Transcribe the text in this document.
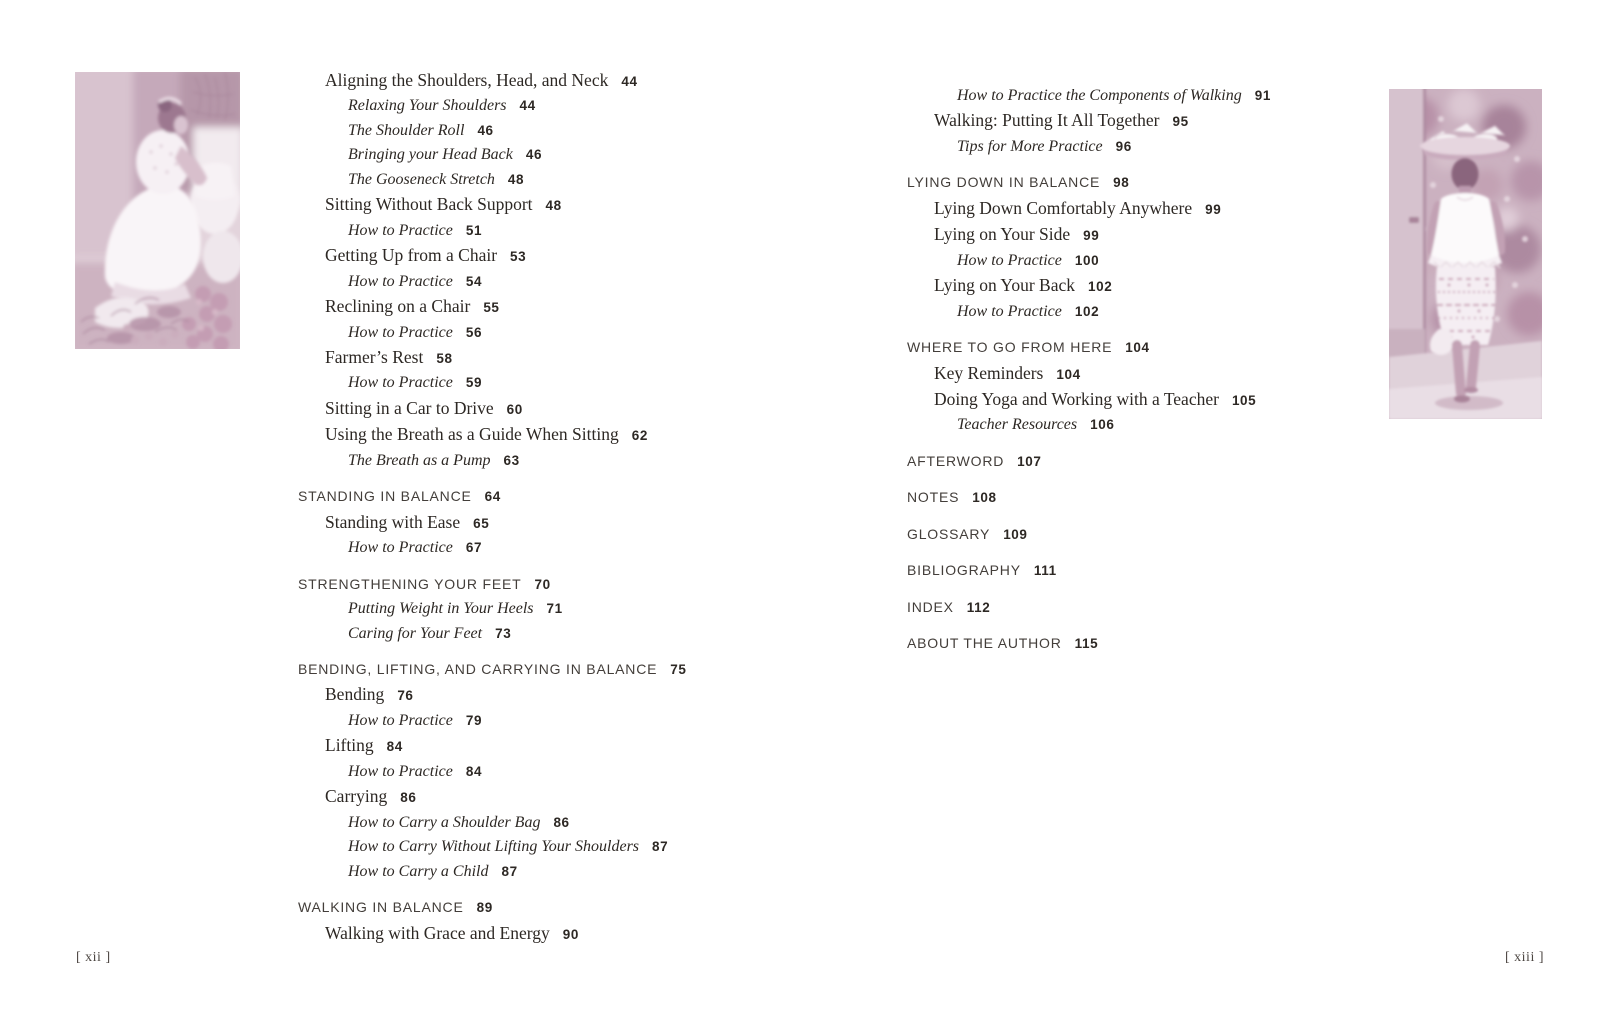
Aligning the Shoulders, Head, and Neck 44
Relaxing Your Shoulders 44
The Shoulder Roll 46
Bringing your Head Back 46
The Gooseneck Stretch 48
Sitting Without Back Support 48
How to Practice 51
Getting Up from a Chair 53
How to Practice 54
Reclining on a Chair 55
How to Practice 56
Farmer’s Rest 58
How to Practice 59
Sitting in a Car to Drive 60
Using the Breath as a Guide When Sitting 62
The Breath as a Pump 63
STANDING IN BALANCE 64
Standing with Ease 65
How to Practice 67
STRENGTHENING YOUR FEET 70
Putting Weight in Your Heels 71
Caring for Your Feet 73
BENDING, LIFTING, AND CARRYING IN BALANCE 75
Bending 76
How to Practice 79
Lifting 84
How to Practice 84
Carrying 86
How to Carry a Shoulder Bag 86
How to Carry Without Lifting Your Shoulders 87
How to Carry a Child 87
WALKING IN BALANCE 89
Walking with Grace and Energy 90
How to Practice the Components of Walking 91
Walking: Putting It All Together 95
Tips for More Practice 96
LYING DOWN IN BALANCE 98
Lying Down Comfortably Anywhere 99
Lying on Your Side 99
How to Practice 100
Lying on Your Back 102
How to Practice 102
WHERE TO GO FROM HERE 104
Key Reminders 104
Doing Yoga and Working with a Teacher 105
Teacher Resources 106
AFTERWORD 107
NOTES 108
GLOSSARY 109
BIBLIOGRAPHY 111
INDEX 112
ABOUT THE AUTHOR 115
[ xii ]	[ xiii ]
